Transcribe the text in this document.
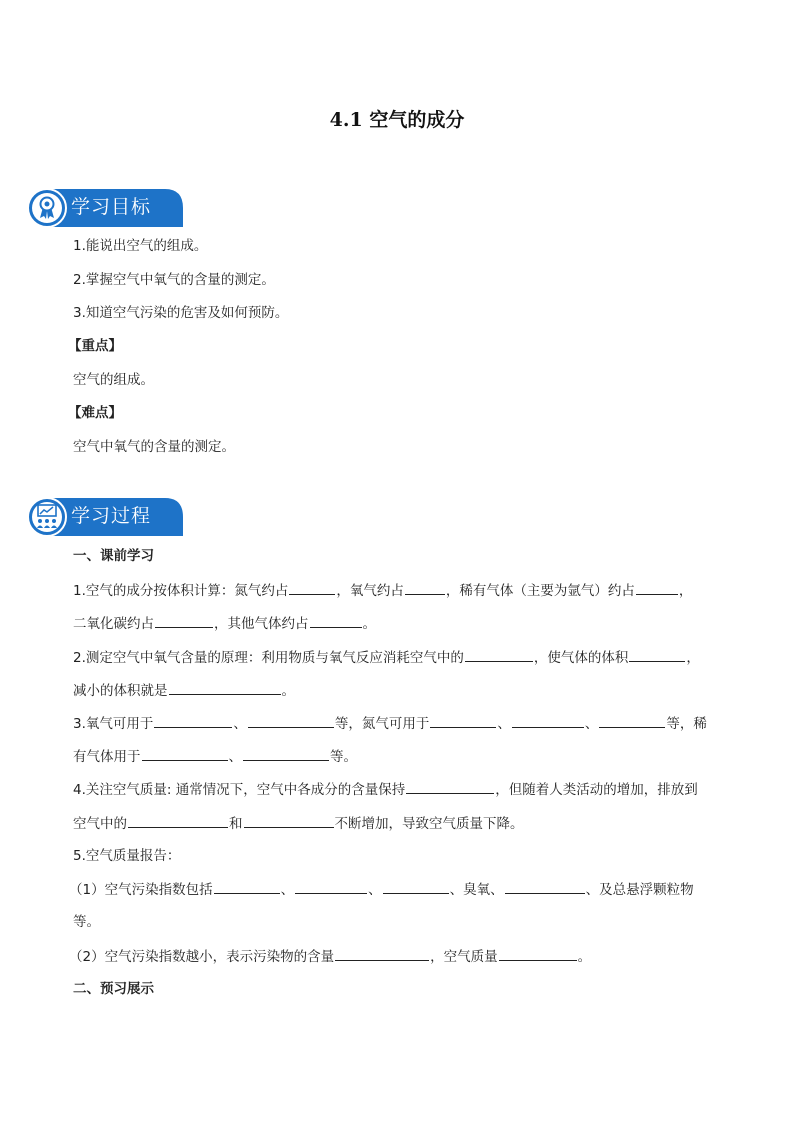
4.1 空气的成分
学习目标
1.能说出空气的组成。
2.掌握空气中氧气的含量的测定。
3.知道空气污染的危害及如何预防。
【重点】
空气的组成。
【难点】
空气中氧气的含量的测定。
学习过程
一、课前学习
1.空气的成分按体积计算：氮气约占	，氧气约占	，稀有气体（主要为氩气）约占	，
二氧化碳约占	，其他气体约占	。
2.测定空气中氧气含量的原理：利用物质与氧气反应消耗空气中的	，使气体的体积	，
减小的体积就是	。
3.氧气可用于	、	等，氮气可用于	、	、	等，稀
有气体用于	、	等。
4.关注空气质量: 通常情况下，空气中各成分的含量保持	，但随着人类活动的增加，排放到
空气中的	和	不断增加，导致空气质量下降。
5.空气质量报告：
（1）空气污染指数包括	、	、	、臭氧、	、及总悬浮颗粒物
等。
（2）空气污染指数越小，表示污染物的含量	，空气质量	。
二、预习展示
